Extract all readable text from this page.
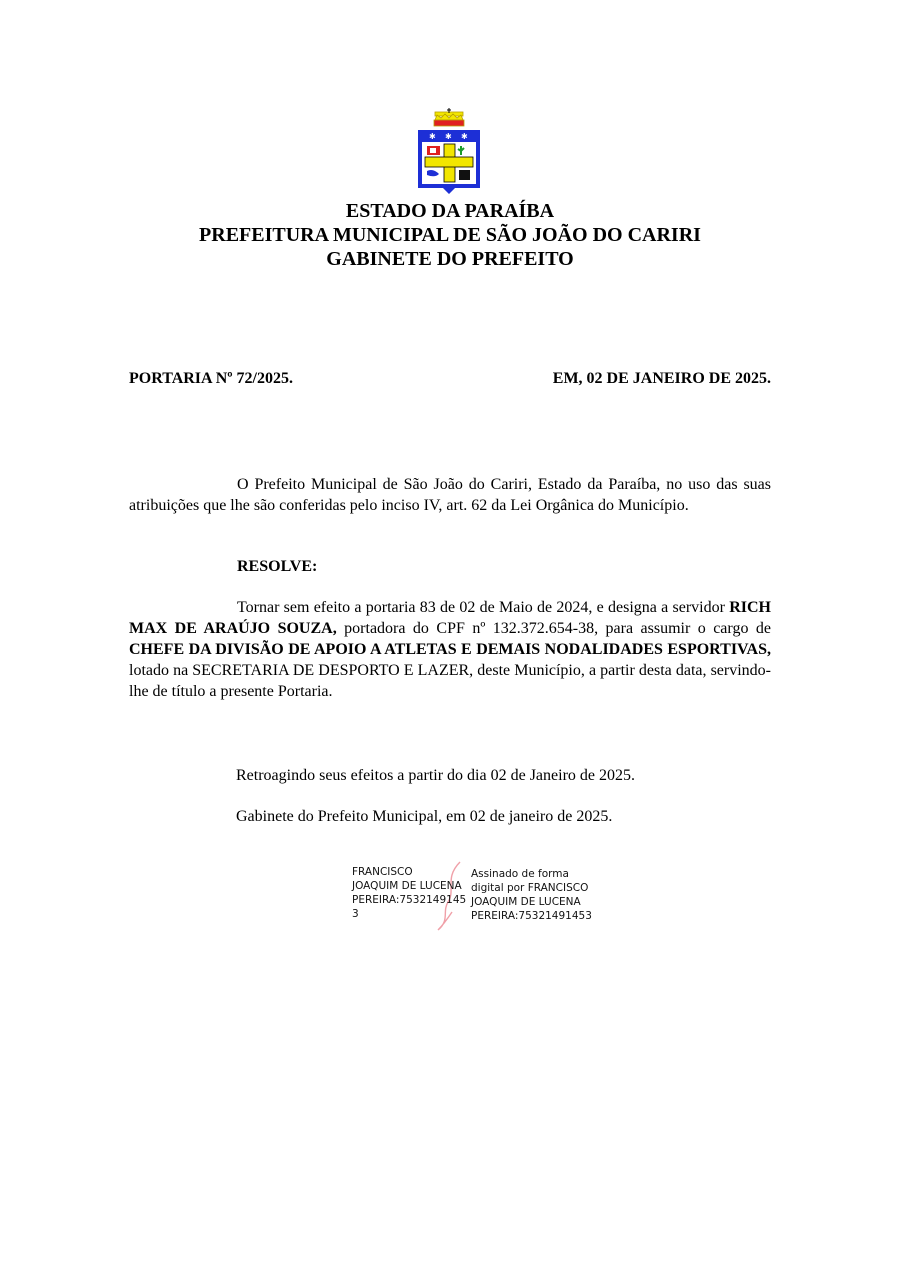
✱ ✱ ✱
ESTADO DA PARAÍBA
PREFEITURA MUNICIPAL DE SÃO JOÃO DO CARIRI
GABINETE DO PREFEITO
PORTARIA Nº 72/2025.	EM, 02 DE JANEIRO DE 2025.
O Prefeito Municipal de São João do Cariri, Estado da Paraíba, no uso das suas atribuições que lhe são conferidas pelo inciso IV, art. 62 da Lei Orgânica do Município.
RESOLVE:
Tornar sem efeito a portaria 83 de 02 de Maio de 2024, e designa a servidor RICH MAX DE ARAÚJO SOUZA, portadora do CPF nº 132.372.654-38, para assumir o cargo de CHEFE DA DIVISÃO DE APOIO A ATLETAS E DEMAIS NODALIDADES ESPORTIVAS, lotado na SECRETARIA DE DESPORTO E LAZER, deste Município, a partir desta data, servindo-lhe de título a presente Portaria.
Retroagindo seus efeitos a partir do dia 02 de Janeiro de 2025.
Gabinete do Prefeito Municipal, em 02 de janeiro de 2025.
FRANCISCO
JOAQUIM DE LUCENA
PEREIRA:7532149145
3
Assinado de forma
digital por FRANCISCO
JOAQUIM DE LUCENA
PEREIRA:75321491453
